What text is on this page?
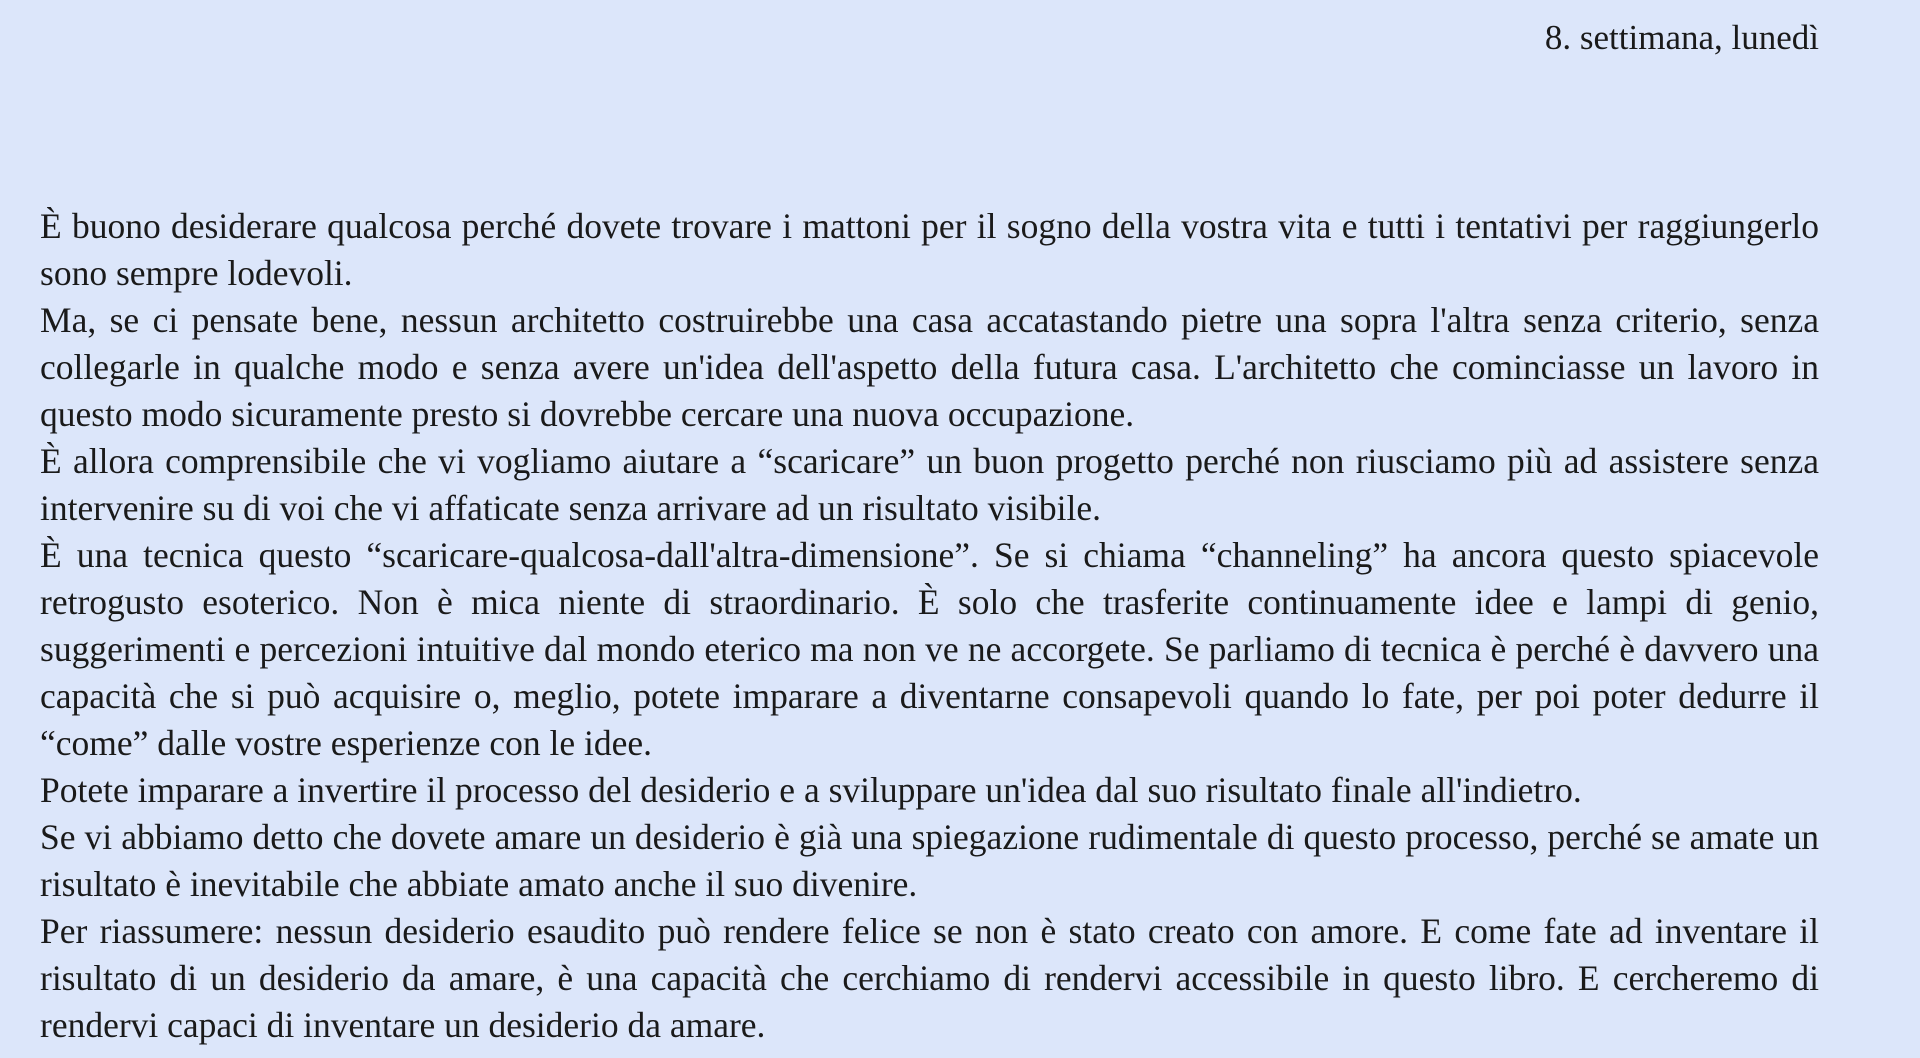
8. settimana, lunedì

È buono desiderare qualcosa perché dovete trovare i mattoni per il sogno della vostra vita e tutti i tentativi per raggiungerlo sono sempre lodevoli.

Ma, se ci pensate bene, nessun architetto costruirebbe una casa accatastando pietre una sopra l'altra senza criterio, senza collegarle in qualche modo e senza avere un'idea dell'aspetto della futura casa. L'architetto che cominciasse un lavoro in questo modo sicuramente presto si dovrebbe cercare una nuova occupazione.

È allora comprensibile che vi vogliamo aiutare a “scaricare” un buon progetto perché non riusciamo più ad assistere senza intervenire su di voi che vi affaticate senza arrivare ad un risultato visibile.

È una tecnica questo “scaricare-qualcosa-dall'altra-dimensione”. Se si chiama “channeling” ha ancora questo spiacevole retrogusto esoterico. Non è mica niente di straordinario. È solo che trasferite continuamente idee e lampi di genio, suggerimenti e percezioni intuitive dal mondo eterico ma non ve ne accorgete. Se parliamo di tecnica è perché è davvero una capacità che si può acquisire o, meglio, potete imparare a diventarne consapevoli quando lo fate, per poi poter dedurre il “come” dalle vostre esperienze con le idee.

Potete imparare a invertire il processo del desiderio e a sviluppare un'idea dal suo risultato finale all'indietro.

Se vi abbiamo detto che dovete amare un desiderio è già una spiegazione rudimentale di questo processo, perché se amate un risultato è inevitabile che abbiate amato anche il suo divenire.

Per riassumere: nessun desiderio esaudito può rendere felice se non è stato creato con amore. E come fate ad inventare il risultato di un desiderio da amare, è una capacità che cerchiamo di rendervi accessibile in questo libro. E cercheremo di rendervi capaci di inventare un desiderio da amare.
